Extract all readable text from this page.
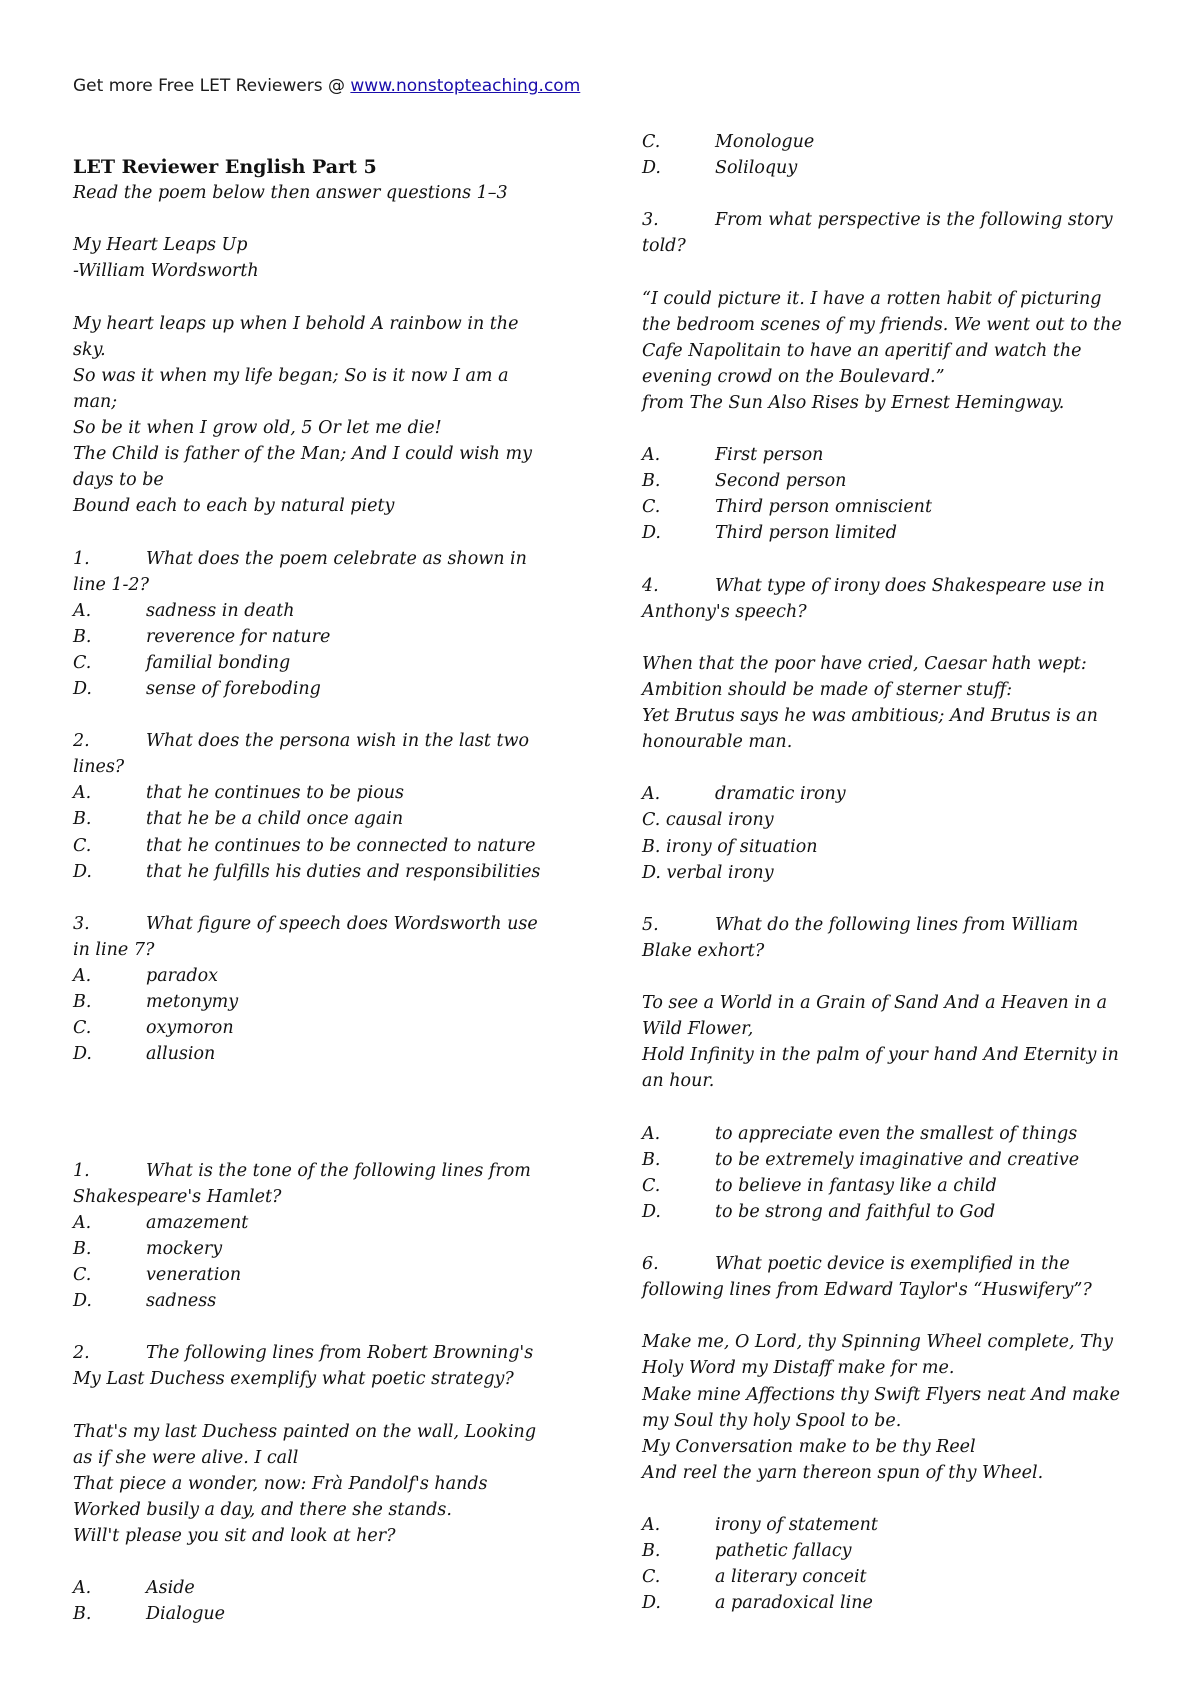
Get more Free LET Reviewers @ www.nonstopteaching.com
LET Reviewer English Part 5
Read the poem below then answer questions 1–3
My Heart Leaps Up
-William Wordsworth
My heart leaps up when I behold A rainbow in the
sky.
So was it when my life began; So is it now I am a
man;
So be it when I grow old, 5 Or let me die!
The Child is father of the Man; And I could wish my
days to be
Bound each to each by natural piety
1.	What does the poem celebrate as shown in
line 1-2?
A.	sadness in death
B.	reverence for nature
C.	familial bonding
D.	sense of foreboding
2.	What does the persona wish in the last two
lines?
A.	that he continues to be pious
B.	that he be a child once again
C.	that he continues to be connected to nature
D.	that he fulfills his duties and responsibilities
3.	What figure of speech does Wordsworth use
in line 7?
A.	paradox
B.	metonymy
C.	oxymoron
D.	allusion
1.	What is the tone of the following lines from
Shakespeare's Hamlet?
A.	amazement
B.	mockery
C.	veneration
D.	sadness
2.	The following lines from Robert Browning's
My Last Duchess exemplify what poetic strategy?
That's my last Duchess painted on the wall, Looking
as if she were alive. I call
That piece a wonder, now: Frà Pandolf's hands
Worked busily a day, and there she stands.
Will't please you sit and look at her?
A.	Aside
B.	Dialogue
C.	Monologue
D.	Soliloquy
3.	From what perspective is the following story
told?
“I could picture it. I have a rotten habit of picturing
the bedroom scenes of my friends. We went out to the
Cafe Napolitain to have an aperitif and watch the
evening crowd on the Boulevard.”
from The Sun Also Rises by Ernest Hemingway.
A.	First person
B.	Second person
C.	Third person omniscient
D.	Third person limited
4.	What type of irony does Shakespeare use in
Anthony's speech?
When that the poor have cried, Caesar hath wept:
Ambition should be made of sterner stuff:
Yet Brutus says he was ambitious; And Brutus is an
honourable man.
A.	dramatic irony
C. causal irony
B. irony of situation
D. verbal irony
5.	What do the following lines from William
Blake exhort?
To see a World in a Grain of Sand And a Heaven in a
Wild Flower,
Hold Infinity in the palm of your hand And Eternity in
an hour.
A.	to appreciate even the smallest of things
B.	to be extremely imaginative and creative
C.	to believe in fantasy like a child
D.	to be strong and faithful to God
6.	What poetic device is exemplified in the
following lines from Edward Taylor's “Huswifery”?
Make me, O Lord, thy Spinning Wheel complete, Thy
Holy Word my Distaff make for me.
Make mine Affections thy Swift Flyers neat And make
my Soul thy holy Spool to be.
My Conversation make to be thy Reel
And reel the yarn thereon spun of thy Wheel.
A.	irony of statement
B.	pathetic fallacy
C.	a literary conceit
D.	a paradoxical line
